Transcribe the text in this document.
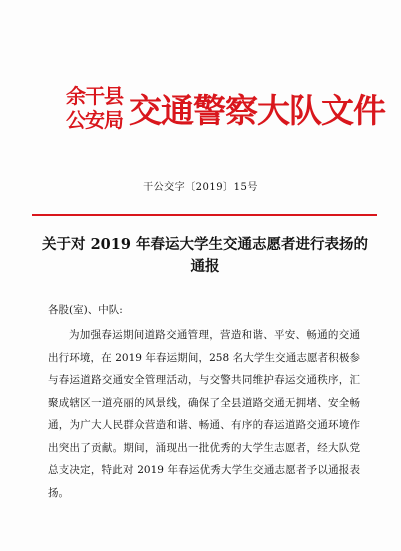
余干县
公安局 交通警察大队文件
干公交字〔2019〕15号
关于对 2019 年春运大学生交通志愿者进行表扬的通报
各股(室)、中队:
为加强春运期间道路交通管理，营造和谐、平安、畅通的交通出行环境，在 2019 年春运期间，258 名大学生交通志愿者积极参与春运道路交通安全管理活动，与交警共同维护春运交通秩序，汇聚成辖区一道亮丽的风景线，确保了全县道路交通无拥堵、安全畅通，为广大人民群众营造和谐、畅通、有序的春运道路交通环境作出突出了贡献。期间，涌现出一批优秀的大学生志愿者，经大队党总支决定，特此对 2019 年春运优秀大学生交通志愿者予以通报表扬。
